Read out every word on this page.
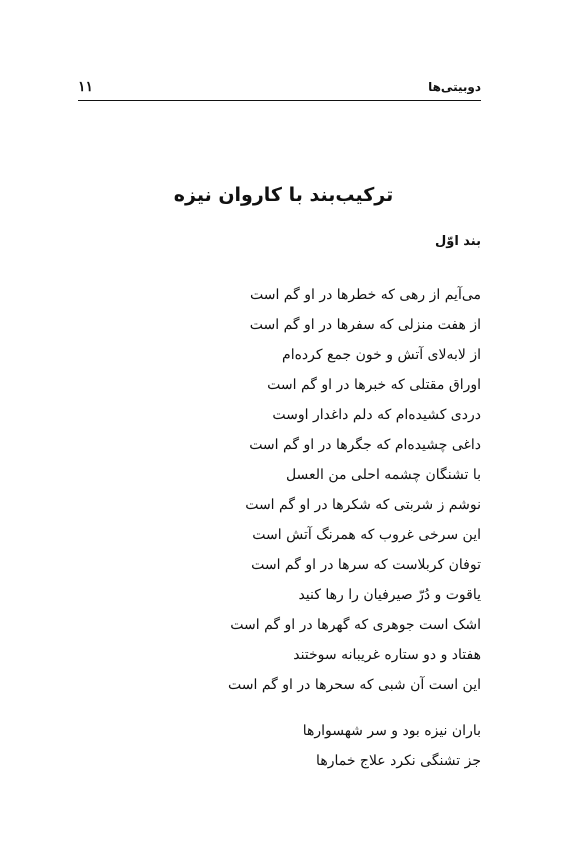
۱۱	دوبیتی‌ها
ترکیب‌بند با کاروان نیزه
بند اوّل
می‌آیم از رهی که خطرها در او گم است
از هفت منزلی که سفرها در او گم است
از لابه‌لای آتش و خون جمع کرده‌ام
اوراق مقتلی که خبرها در او گم است
دردی کشیده‌ام که دلم داغدار اوست
داغی چشیده‌ام که جگرها در او گم است
با تشنگان چشمه احلی من العسل
نوشم ز شربتی که شکرها در او گم است
این سرخی غروب که همرنگ آتش است
توفان کربلاست که سرها در او گم است
یاقوت و دُرّ صیرفیان را رها کنید
اشک است جوهری که گهرها در او گم است
هفتاد و دو ستاره غریبانه سوختند
این است آن شبی که سحرها در او گم است
باران نیزه بود و سر شهسوارها
جز تشنگی نکرد علاج خمارها
